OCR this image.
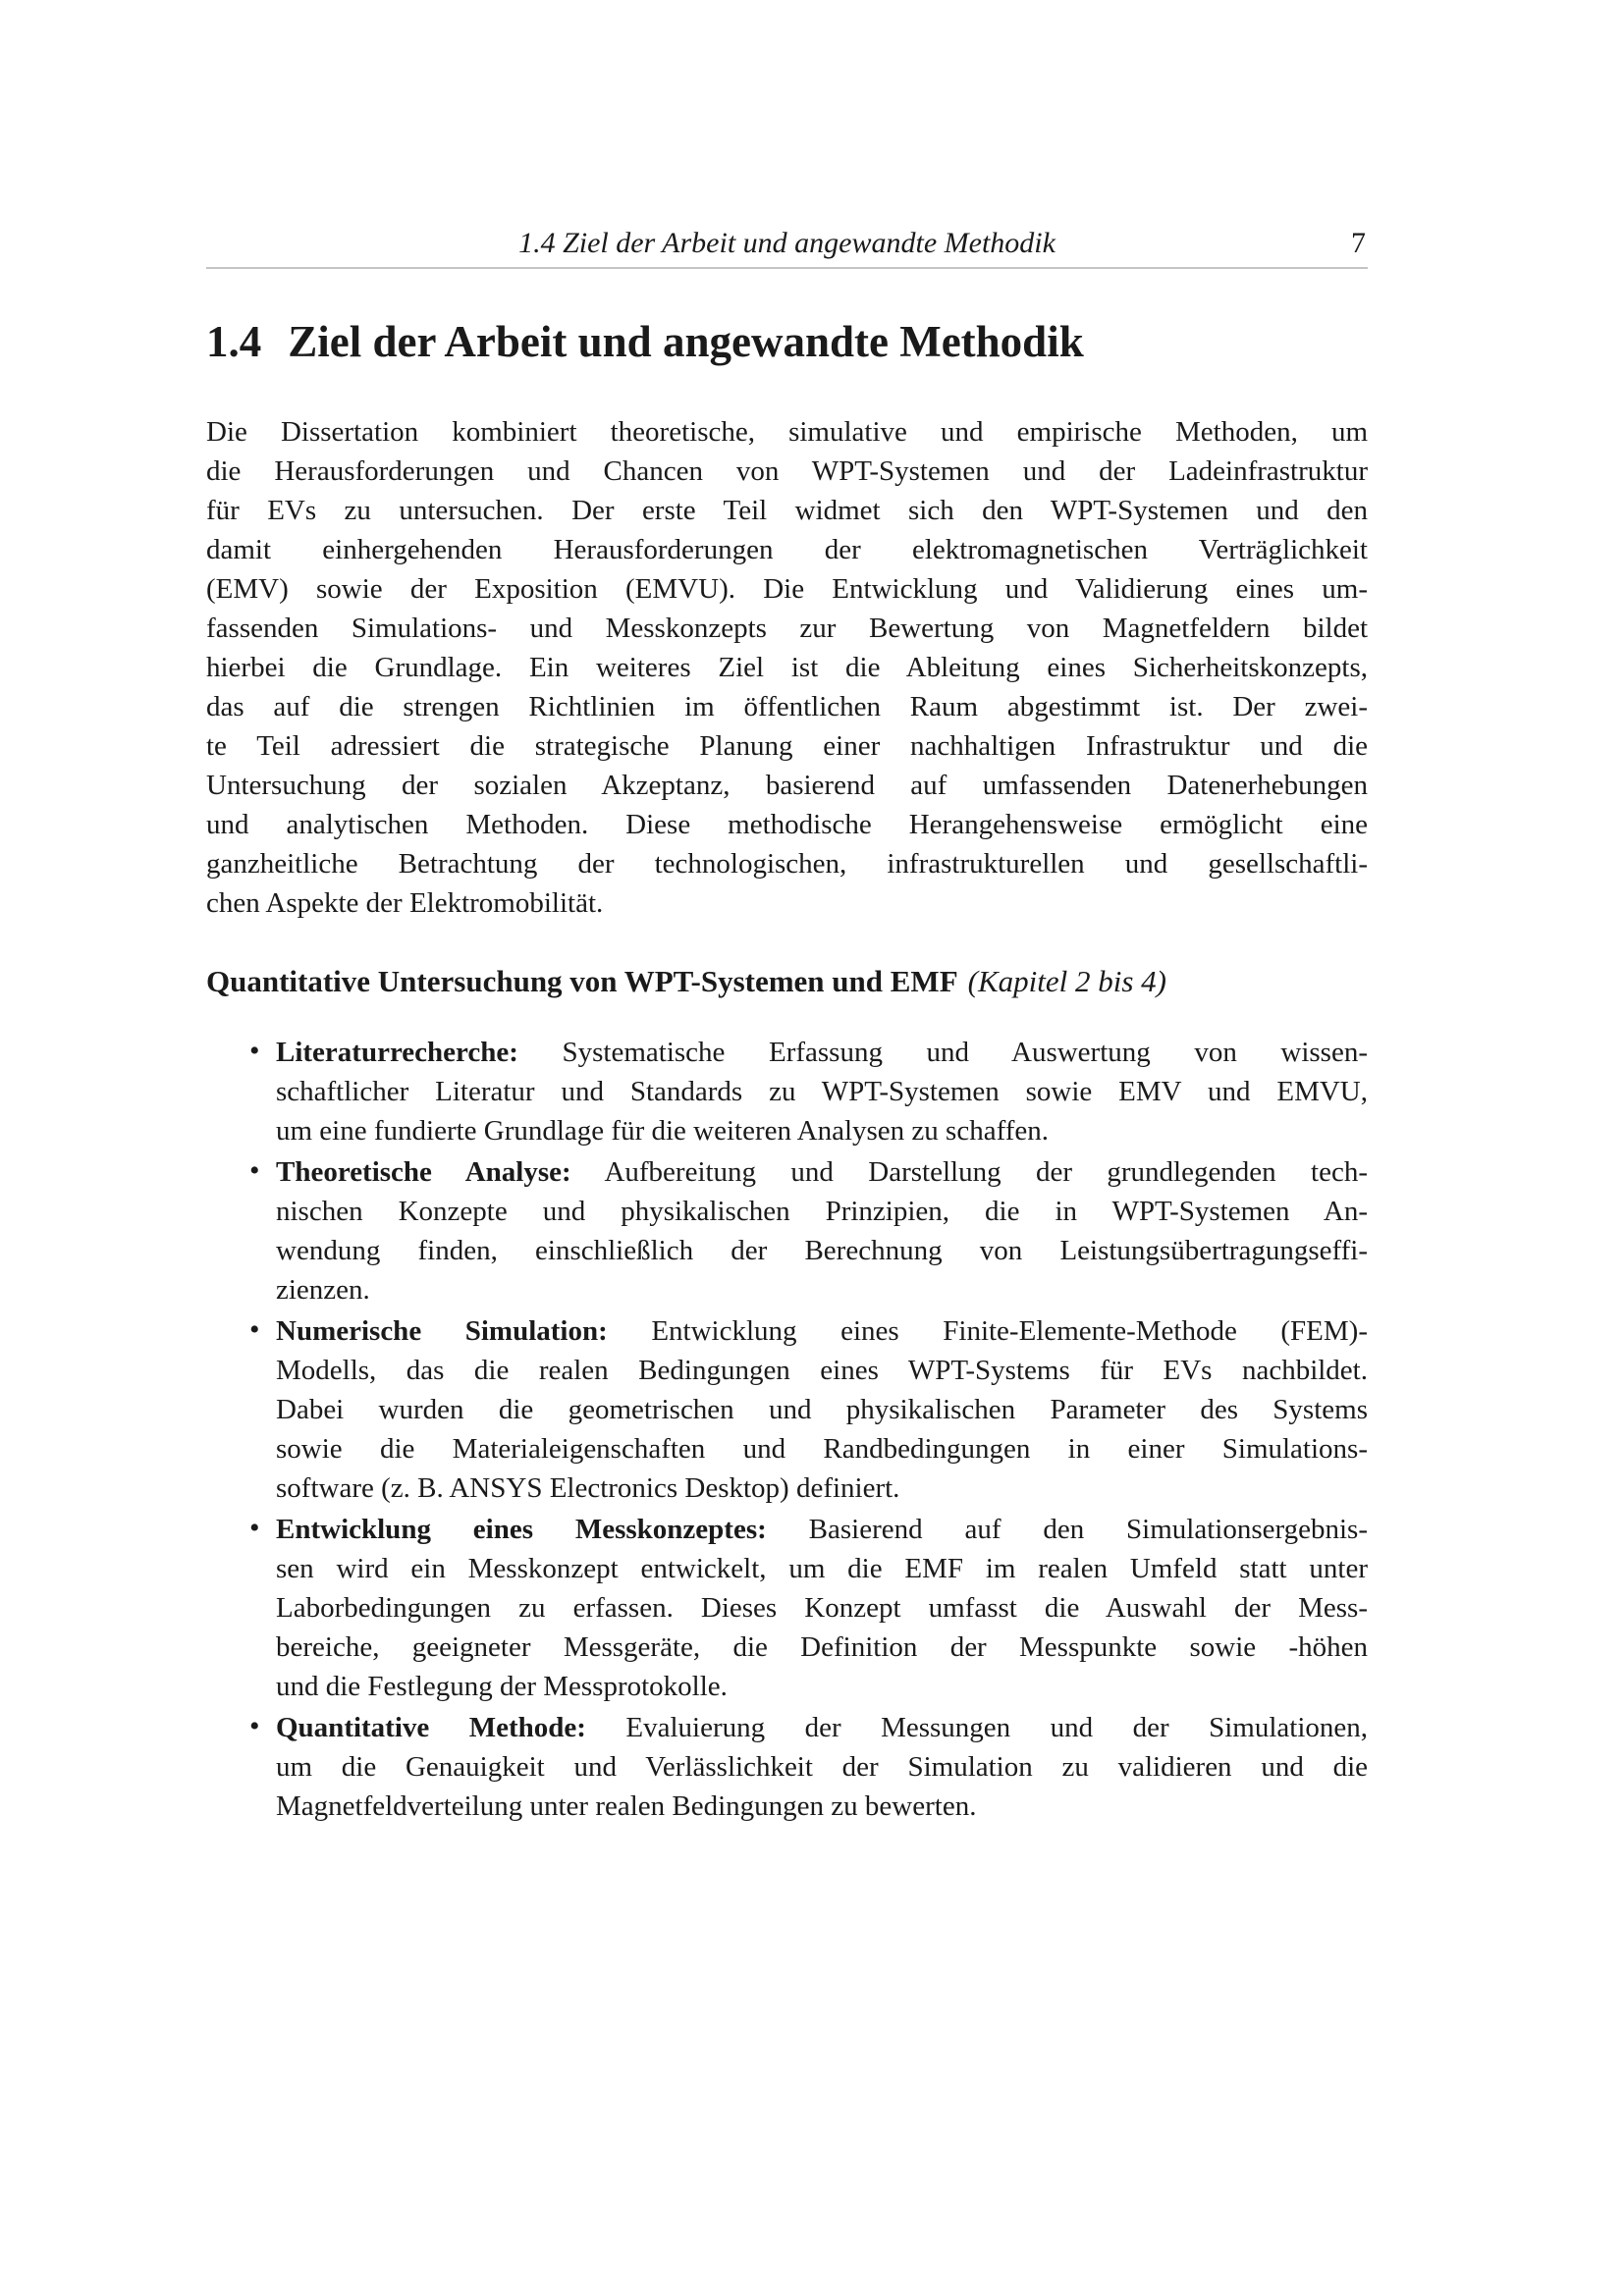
1.4 Ziel der Arbeit und angewandte Methodik	7
1.4 Ziel der Arbeit und angewandte Methodik
Die Dissertation kombiniert theoretische, simulative und empirische Methoden, um
die Herausforderungen und Chancen von WPT-Systemen und der Ladeinfrastruktur
für EVs zu untersuchen. Der erste Teil widmet sich den WPT-Systemen und den
damit einhergehenden Herausforderungen der elektromagnetischen Verträglichkeit
(EMV) sowie der Exposition (EMVU). Die Entwicklung und Validierung eines um-
fassenden Simulations- und Messkonzepts zur Bewertung von Magnetfeldern bildet
hierbei die Grundlage. Ein weiteres Ziel ist die Ableitung eines Sicherheitskonzepts,
das auf die strengen Richtlinien im öffentlichen Raum abgestimmt ist. Der zwei-
te Teil adressiert die strategische Planung einer nachhaltigen Infrastruktur und die
Untersuchung der sozialen Akzeptanz, basierend auf umfassenden Datenerhebungen
und analytischen Methoden. Diese methodische Herangehensweise ermöglicht eine
ganzheitliche Betrachtung der technologischen, infrastrukturellen und gesellschaftli-
chen Aspekte der Elektromobilität.
Quantitative Untersuchung von WPT-Systemen und EMF (Kapitel 2 bis 4)
• Literaturrecherche: Systematische Erfassung und Auswertung von wissen-
schaftlicher Literatur und Standards zu WPT-Systemen sowie EMV und EMVU,
um eine fundierte Grundlage für die weiteren Analysen zu schaffen.
• Theoretische Analyse: Aufbereitung und Darstellung der grundlegenden tech-
nischen Konzepte und physikalischen Prinzipien, die in WPT-Systemen An-
wendung finden, einschließlich der Berechnung von Leistungsübertragungseffi-
zienzen.
• Numerische Simulation: Entwicklung eines Finite-Elemente-Methode (FEM)-
Modells, das die realen Bedingungen eines WPT-Systems für EVs nachbildet.
Dabei wurden die geometrischen und physikalischen Parameter des Systems
sowie die Materialeigenschaften und Randbedingungen in einer Simulations-
software (z. B. ANSYS Electronics Desktop) definiert.
• Entwicklung eines Messkonzeptes: Basierend auf den Simulationsergebnis-
sen wird ein Messkonzept entwickelt, um die EMF im realen Umfeld statt unter
Laborbedingungen zu erfassen. Dieses Konzept umfasst die Auswahl der Mess-
bereiche, geeigneter Messgeräte, die Definition der Messpunkte sowie -höhen
und die Festlegung der Messprotokolle.
• Quantitative Methode: Evaluierung der Messungen und der Simulationen,
um die Genauigkeit und Verlässlichkeit der Simulation zu validieren und die
Magnetfeldverteilung unter realen Bedingungen zu bewerten.
